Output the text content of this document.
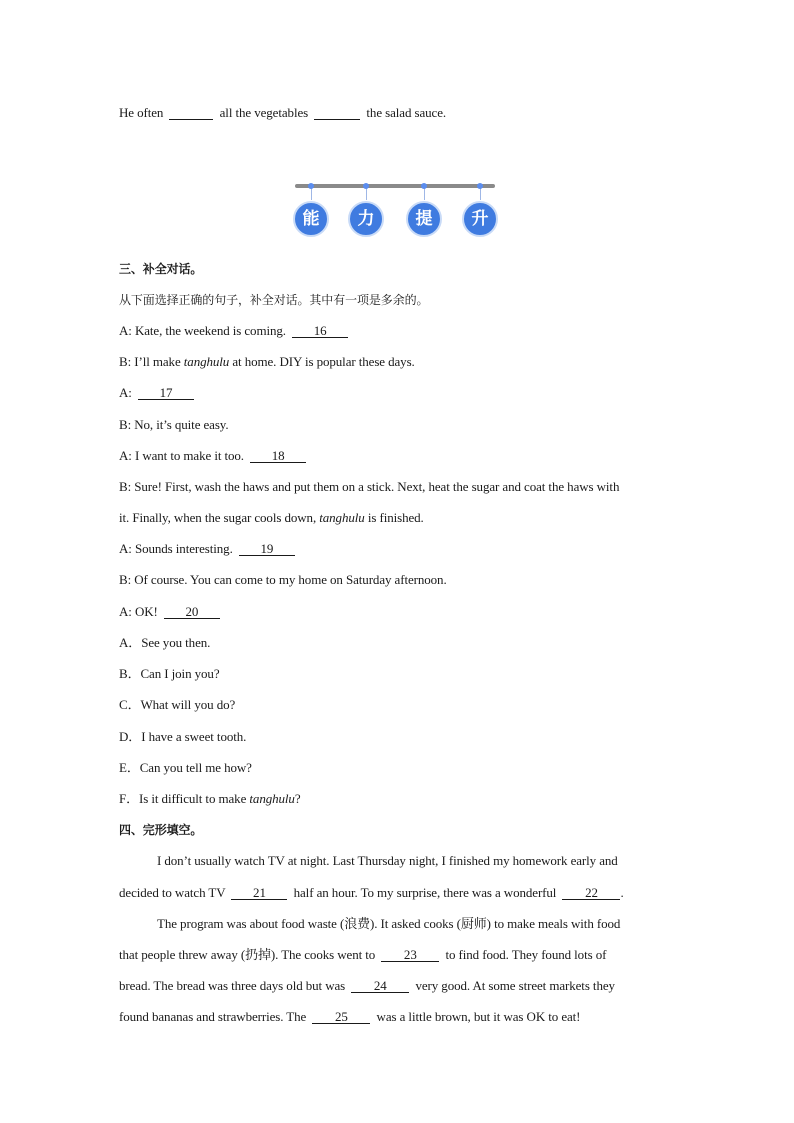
He often	all the vegetables	the salad sauce.
能	力	提	升
三、补全对话。
从下面选择正确的句子，补全对话。其中有一项是多余的。
A: Kate, the weekend is coming. 16
B: I’ll make tanghulu at home. DIY is popular these days.
A: 17
B: No, it’s quite easy.
A: I want to make it too. 18
B: Sure! First, wash the haws and put them on a stick. Next, heat the sugar and coat the haws with
it. Finally, when the sugar cools down, tanghulu is finished.
A: Sounds interesting. 19
B: Of course. You can come to my home on Saturday afternoon.
A: OK! 20
A．See you then.
B．Can I join you?
C．What will you do?
D．I have a sweet tooth.
E．Can you tell me how?
F．Is it difficult to make tanghulu?
四、完形填空。
I don’t usually watch TV at night. Last Thursday night, I finished my homework early and
decided to watch TV 21 half an hour. To my surprise, there was a wonderful 22 .
The program was about food waste (浪费). It asked cooks (厨师) to make meals with food
that people threw away (扔掉). The cooks went to 23 to find food. They found lots of
bread. The bread was three days old but was 24 very good. At some street markets they
found bananas and strawberries. The 25 was a little brown, but it was OK to eat!
